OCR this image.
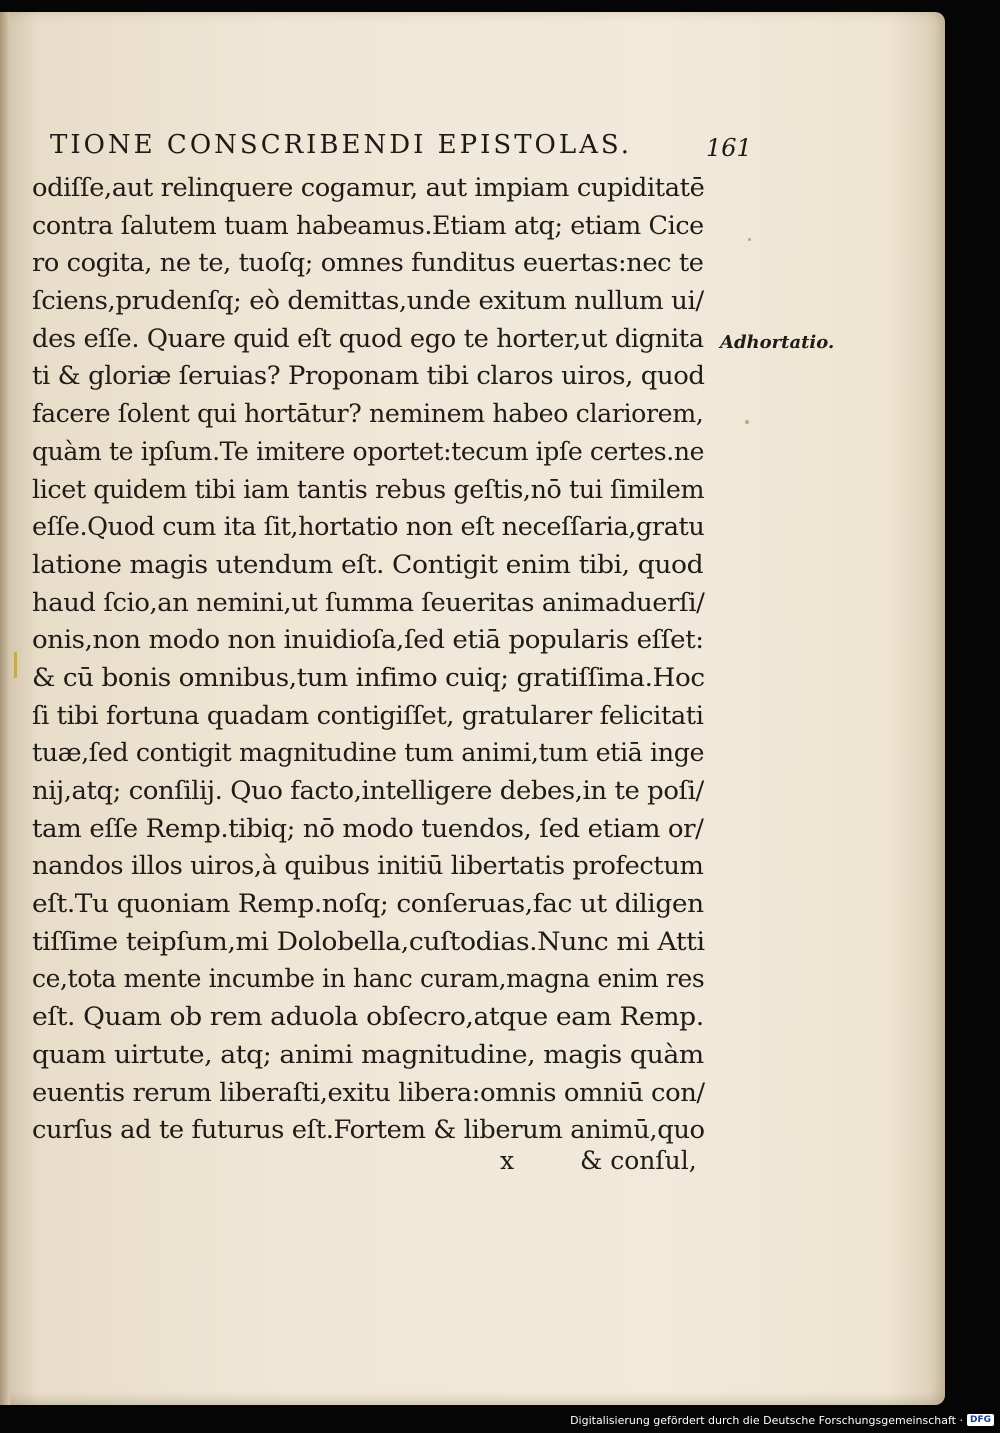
TIONE CONSCRIBENDI EPISTOLAS.	161
odiſſe,aut relinquere cogamur, aut impiam cupiditatē
contra ſalutem tuam habeamus.Etiam atq; etiam Cice
ro cogita, ne te, tuoſq; omnes funditus euertas:nec te
ſciens,prudenſq; eò demittas,unde exitum nullum ui/
des eſſe. Quare quid eſt quod ego te horter,ut dignita
ti & gloriæ ſeruias? Proponam tibi claros uiros, quod
facere ſolent qui hortātur? neminem habeo clariorem,
quàm te ipſum.Te imitere oportet:tecum ipſe certes.ne
licet quidem tibi iam tantis rebus geſtis,nō tui ſimilem
eſſe.Quod cum ita ſit,hortatio non eſt neceſſaria,gratu
latione magis utendum eſt. Contigit enim tibi, quod
haud ſcio,an nemini,ut ſumma ſeueritas animaduerſi/
onis,non modo non inuidioſa,ſed etiā popularis eſſet:
& cū bonis omnibus,tum infimo cuiq; gratiſſima.Hoc
ſi tibi fortuna quadam contigiſſet, gratularer felicitati
tuæ,ſed contigit magnitudine tum animi,tum etiā inge
nij,atq; conſilij. Quo facto,intelligere debes,in te poſi/
tam eſſe Remp.tibiq; nō modo tuendos, ſed etiam or/
nandos illos uiros,à quibus initiū libertatis profectum
eſt.Tu quoniam Remp.noſq; conſeruas,fac ut diligen
tiſſime teipſum,mi Dolobella,cuſtodias.Nunc mi Atti
ce,tota mente incumbe in hanc curam,magna enim res
eſt. Quam ob rem aduola obſecro,atque eam Remp.
quam uirtute, atq; animi magnitudine, magis quàm
euentis rerum liberaſti,exitu libera:omnis omniū con/
curſus ad te futurus eſt.Fortem & liberum animū,quo
Adhortatio.
x	& conſul,
Digitalisierung gefördert durch die Deutsche Forschungsgemeinschaft · DFG
